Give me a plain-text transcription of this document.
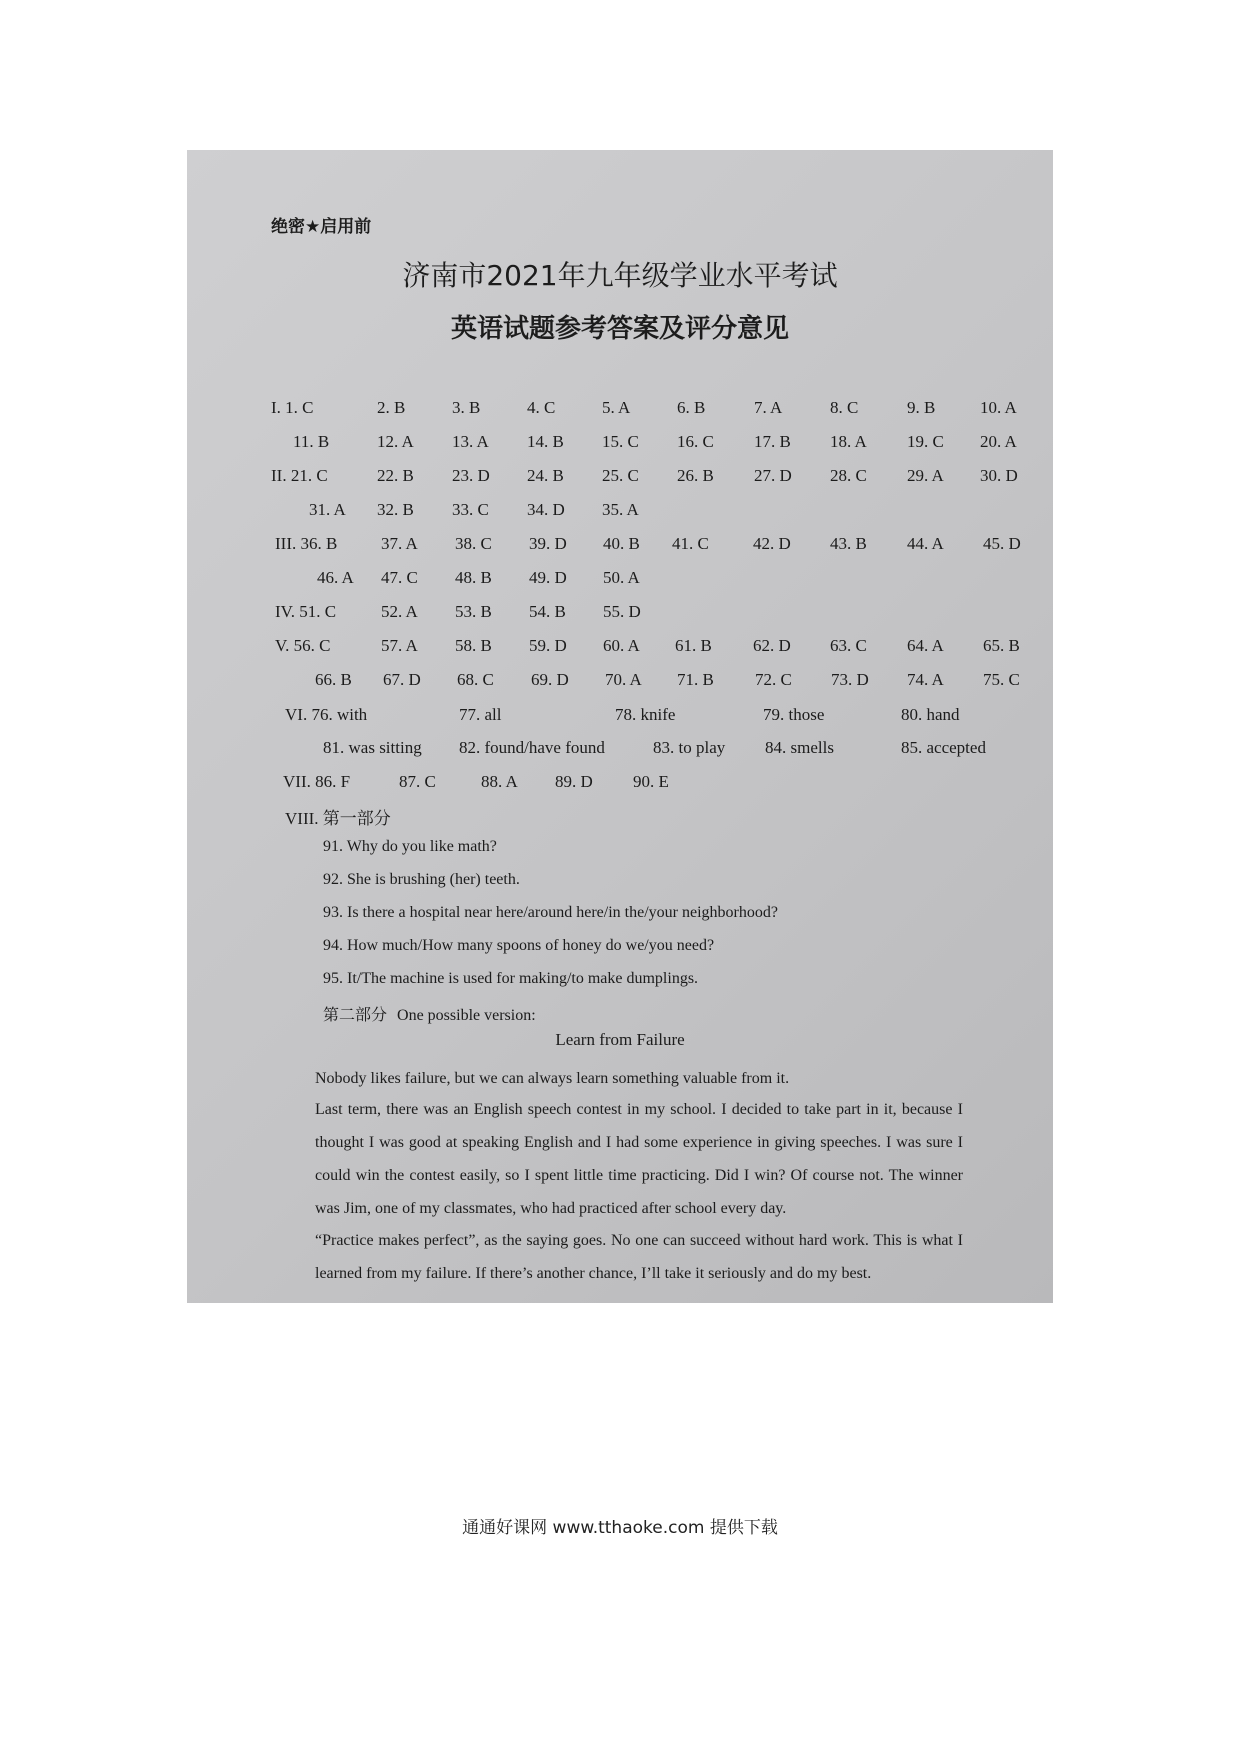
绝密★启用前
济南市2021年九年级学业水平考试
英语试题参考答案及评分意见
I. 1. C	2. B	3. B	4. C	5. A	6. B	7. A	8. C	9. B	10. A
11. B	12. A 13. A 14. B 15. C 16. C 17. B 18. A 19. C 20. A
II. 21. C	22. B 23. D 24. B 25. C 26. B 27. D 28. C 29. A 30. D
31. A 32. B 33. C 34. D 35. A
III. 36. B	37. A 38. C 39. D 40. B 41. C	42. D 43. B 44. A 45. D
46. A 47. C 48. B 49. D 50. A
IV. 51. C	52. A 53. B 54. B 55. D
V. 56. C	57. A 58. B 59. D 60. A 61. B 62. D 63. C 64. A 65. B
66. B 67. D 68. C 69. D 70. A 71. B 72. C 73. D 74. A 75. C
VI. 76. with	77. all	78. knife	79. those	80. hand
81. was sitting 82. found/have found	83. to play 84. smells	85. accepted
VII. 86. F	87. C	88. A 89. D 90. E
VIII. 第一部分
91. Why do you like math?
92. She is brushing (her) teeth.
93. Is there a hospital near here/around here/in the/your neighborhood?
94. How much/How many spoons of honey do we/you need?
95. It/The machine is used for making/to make dumplings.
第二部分 One possible version:
Learn from Failure
Nobody likes failure, but we can always learn something valuable from it.
Last term, there was an English speech contest in my school. I decided to take part in it, because I thought I was good at speaking English and I had some experience in giving speeches. I was sure I could win the contest easily, so I spent little time practicing. Did I win? Of course not. The winner was Jim, one of my classmates, who had practiced after school every day.
“Practice makes perfect”, as the saying goes. No one can succeed without hard work. This is what I learned from my failure. If there’s another chance, I’ll take it seriously and do my best.
通通好课网 www.tthaoke.com 提供下载
